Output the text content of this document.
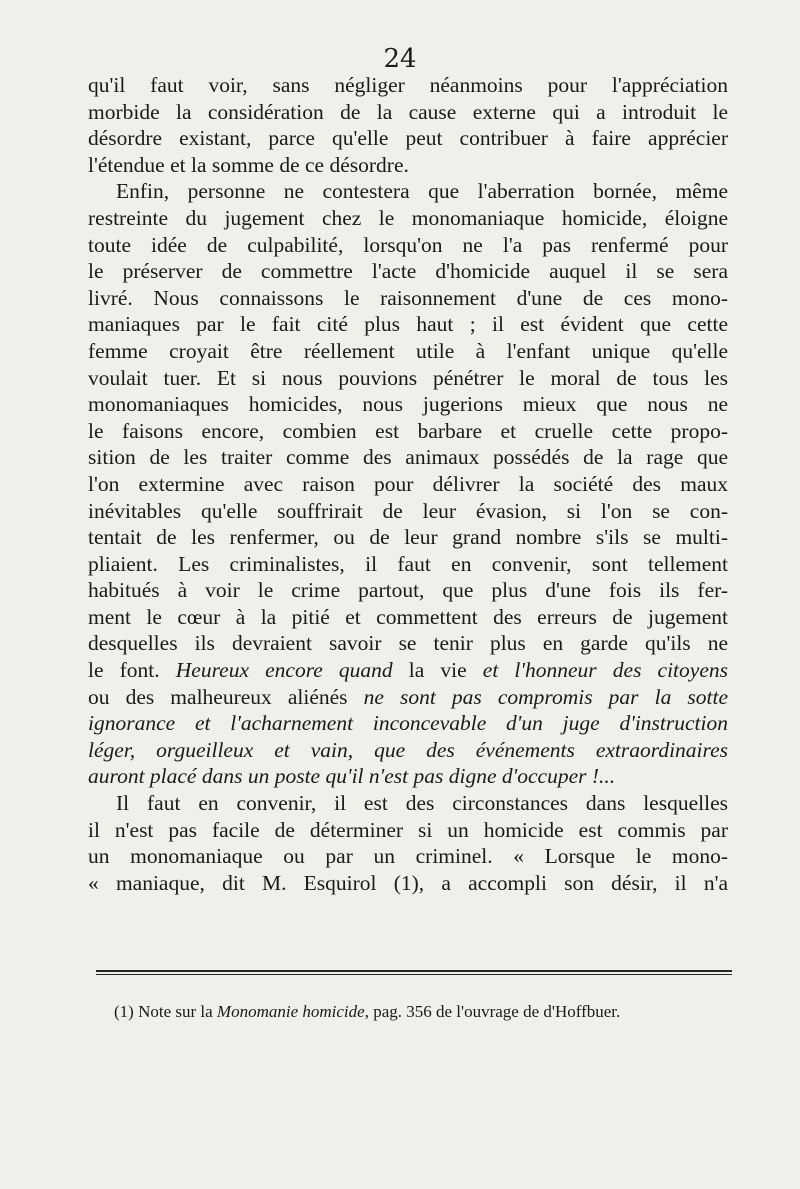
24
qu'il faut voir, sans négliger néanmoins pour l'appréciation
morbide la considération de la cause externe qui a introduit le
désordre existant, parce qu'elle peut contribuer à faire apprécier
l'étendue et la somme de ce désordre.
Enfin, personne ne contestera que l'aberration bornée, même
restreinte du jugement chez le monomaniaque homicide, éloigne
toute idée de culpabilité, lorsqu'on ne l'a pas renfermé pour
le préserver de commettre l'acte d'homicide auquel il se sera
livré. Nous connaissons le raisonnement d'une de ces mono-
maniaques par le fait cité plus haut ; il est évident que cette
femme croyait être réellement utile à l'enfant unique qu'elle
voulait tuer. Et si nous pouvions pénétrer le moral de tous les
monomaniaques homicides, nous jugerions mieux que nous ne
le faisons encore, combien est barbare et cruelle cette propo-
sition de les traiter comme des animaux possédés de la rage que
l'on extermine avec raison pour délivrer la société des maux
inévitables qu'elle souffrirait de leur évasion, si l'on se con-
tentait de les renfermer, ou de leur grand nombre s'ils se multi-
pliaient. Les criminalistes, il faut en convenir, sont tellement
habitués à voir le crime partout, que plus d'une fois ils fer-
ment le cœur à la pitié et commettent des erreurs de jugement
desquelles ils devraient savoir se tenir plus en garde qu'ils ne
le font. Heureux encore quand la vie et l'honneur des citoyens
ou des malheureux aliénés ne sont pas compromis par la sotte
ignorance et l'acharnement inconcevable d'un juge d'instruction
léger, orgueilleux et vain, que des événements extraordinaires
auront placé dans un poste qu'il n'est pas digne d'occuper !...
Il faut en convenir, il est des circonstances dans lesquelles
il n'est pas facile de déterminer si un homicide est commis par
un monomaniaque ou par un criminel. « Lorsque le mono-
« maniaque, dit M. Esquirol (1), a accompli son désir, il n'a
(1) Note sur la Monomanie homicide, pag. 356 de l'ouvrage de d'Hoffbuer.
